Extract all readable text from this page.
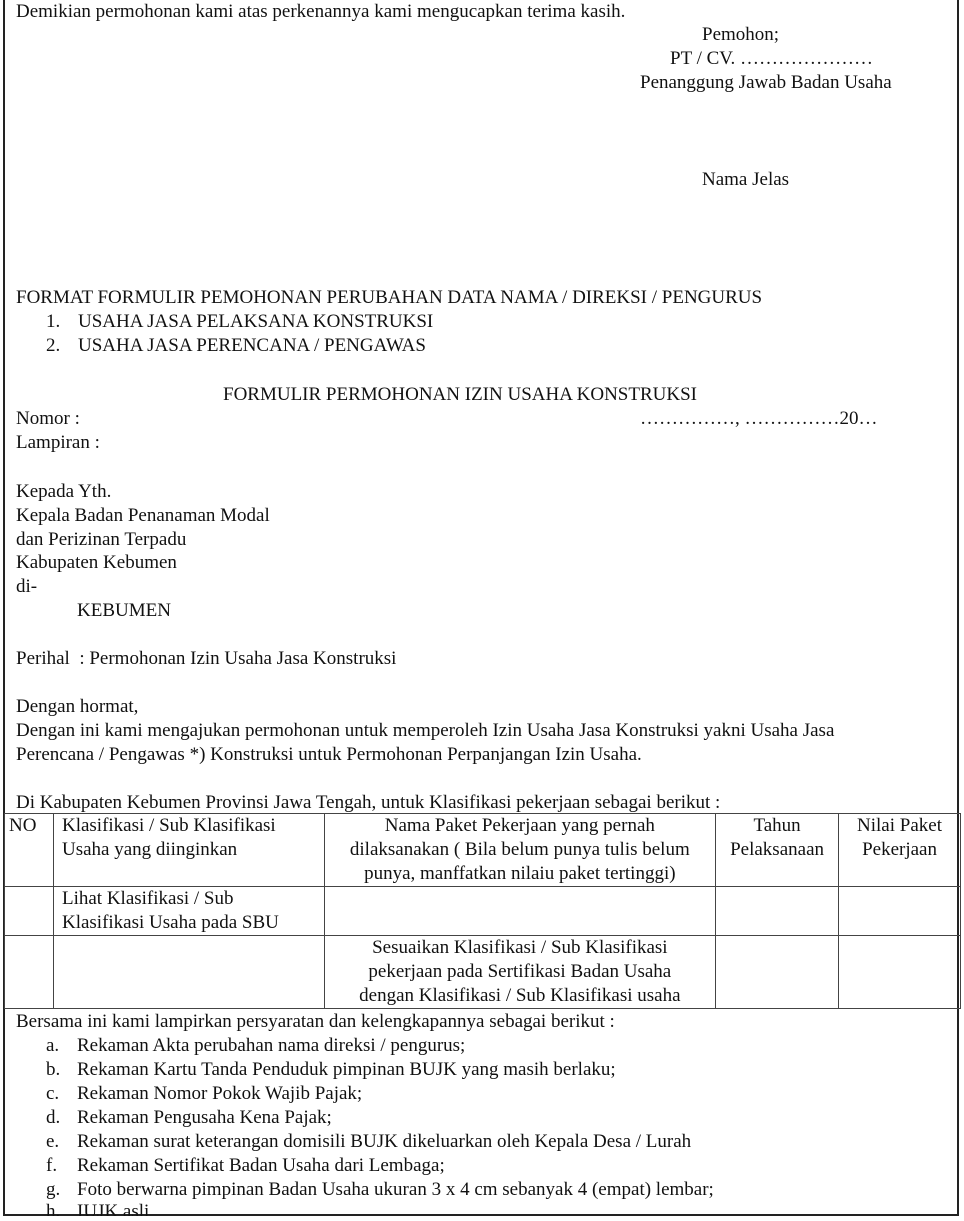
Demikian permohonan kami atas perkenannya kami mengucapkan terima kasih.
Pemohon;
PT / CV. …………………
Penanggung Jawab Badan Usaha
Nama Jelas
FORMAT FORMULIR PEMOHONAN PERUBAHAN DATA NAMA / DIREKSI / PENGURUS
1. USAHA JASA PELAKSANA KONSTRUKSI
2. USAHA JASA PERENCANA / PENGAWAS
FORMULIR PERMOHONAN IZIN USAHA KONSTRUKSI
Nomor :	……………, ……………20…
Lampiran :
Kepada Yth.
Kepala Badan Penanaman Modal
dan Perizinan Terpadu
Kabupaten Kebumen
di-
KEBUMEN
Perihal  : Permohonan Izin Usaha Jasa Konstruksi
Dengan hormat,
Dengan ini kami mengajukan permohonan untuk memperoleh Izin Usaha Jasa Konstruksi yakni Usaha Jasa
Perencana / Pengawas *) Konstruksi untuk Permohonan Perpanjangan Izin Usaha.
Di Kabupaten Kebumen Provinsi Jawa Tengah, untuk Klasifikasi pekerjaan sebagai berikut :
NO	Klasifikasi / Sub Klasifikasi Usaha yang diinginkan	Nama Paket Pekerjaan yang pernah dilaksanakan ( Bila belum punya tulis belum punya, manffatkan nilaiu paket tertinggi)	Tahun Pelaksanaan	Nilai Paket Pekerjaan
	Lihat Klasifikasi / Sub Klasifikasi Usaha pada SBU			
		Sesuaikan Klasifikasi / Sub Klasifikasi pekerjaan pada Sertifikasi Badan Usaha dengan Klasifikasi / Sub Klasifikasi usaha		
Bersama ini kami lampirkan persyaratan dan kelengkapannya sebagai berikut :
a. Rekaman Akta perubahan nama direksi / pengurus;
b. Rekaman Kartu Tanda Penduduk pimpinan BUJK yang masih berlaku;
c. Rekaman Nomor Pokok Wajib Pajak;
d. Rekaman Pengusaha Kena Pajak;
e. Rekaman surat keterangan domisili BUJK dikeluarkan oleh Kepala Desa / Lurah
f. Rekaman Sertifikat Badan Usaha dari Lembaga;
g. Foto berwarna pimpinan Badan Usaha ukuran 3 x 4 cm sebanyak 4 (empat) lembar;
h. IUJK asli
